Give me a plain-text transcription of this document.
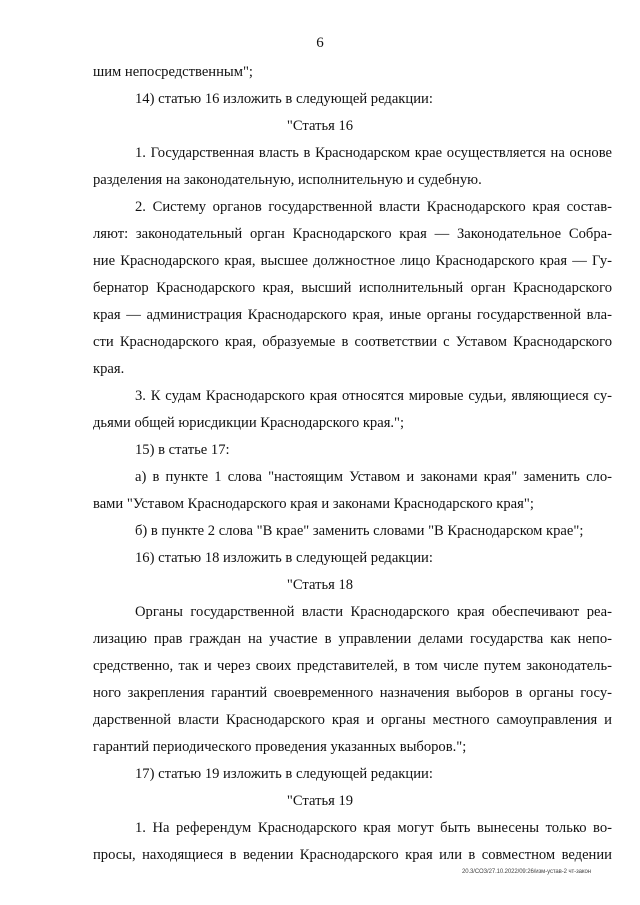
6
шим непосредственным";
14) статью 16 изложить в следующей редакции:
"Статья 16
1. Государственная власть в Краснодарском крае осуществляется на основе
разделения на законодательную, исполнительную и судебную.
2. Систему органов государственной власти Краснодарского края состав-
ляют: законодательный орган Краснодарского края — Законодательное Собра-
ние Краснодарского края, высшее должностное лицо Краснодарского края — Гу-
бернатор Краснодарского края, высший исполнительный орган Краснодарского
края — администрация Краснодарского края, иные органы государственной вла-
сти Краснодарского края, образуемые в соответствии с Уставом Краснодарского
края.
3. К судам Краснодарского края относятся мировые судьи, являющиеся су-
дьями общей юрисдикции Краснодарского края.";
15) в статье 17:
а) в пункте 1 слова "настоящим Уставом и законами края" заменить сло-
вами "Уставом Краснодарского края и законами Краснодарского края";
б) в пункте 2 слова "В крае" заменить словами "В Краснодарском крае";
16) статью 18 изложить в следующей редакции:
"Статья 18
Органы государственной власти Краснодарского края обеспечивают реа-
лизацию прав граждан на участие в управлении делами государства как непо-
средственно, так и через своих представителей, в том числе путем законодатель-
ного закрепления гарантий своевременного назначения выборов в органы госу-
дарственной власти Краснодарского края и органы местного самоуправления и
гарантий периодического проведения указанных выборов.";
17) статью 19 изложить в следующей редакции:
"Статья 19
1. На референдум Краснодарского края могут быть вынесены только во-
просы, находящиеся в ведении Краснодарского края или в совместном ведении
20.3/СОЗ/27.10.2022/09:26/изм-устав-2 чт-закон
